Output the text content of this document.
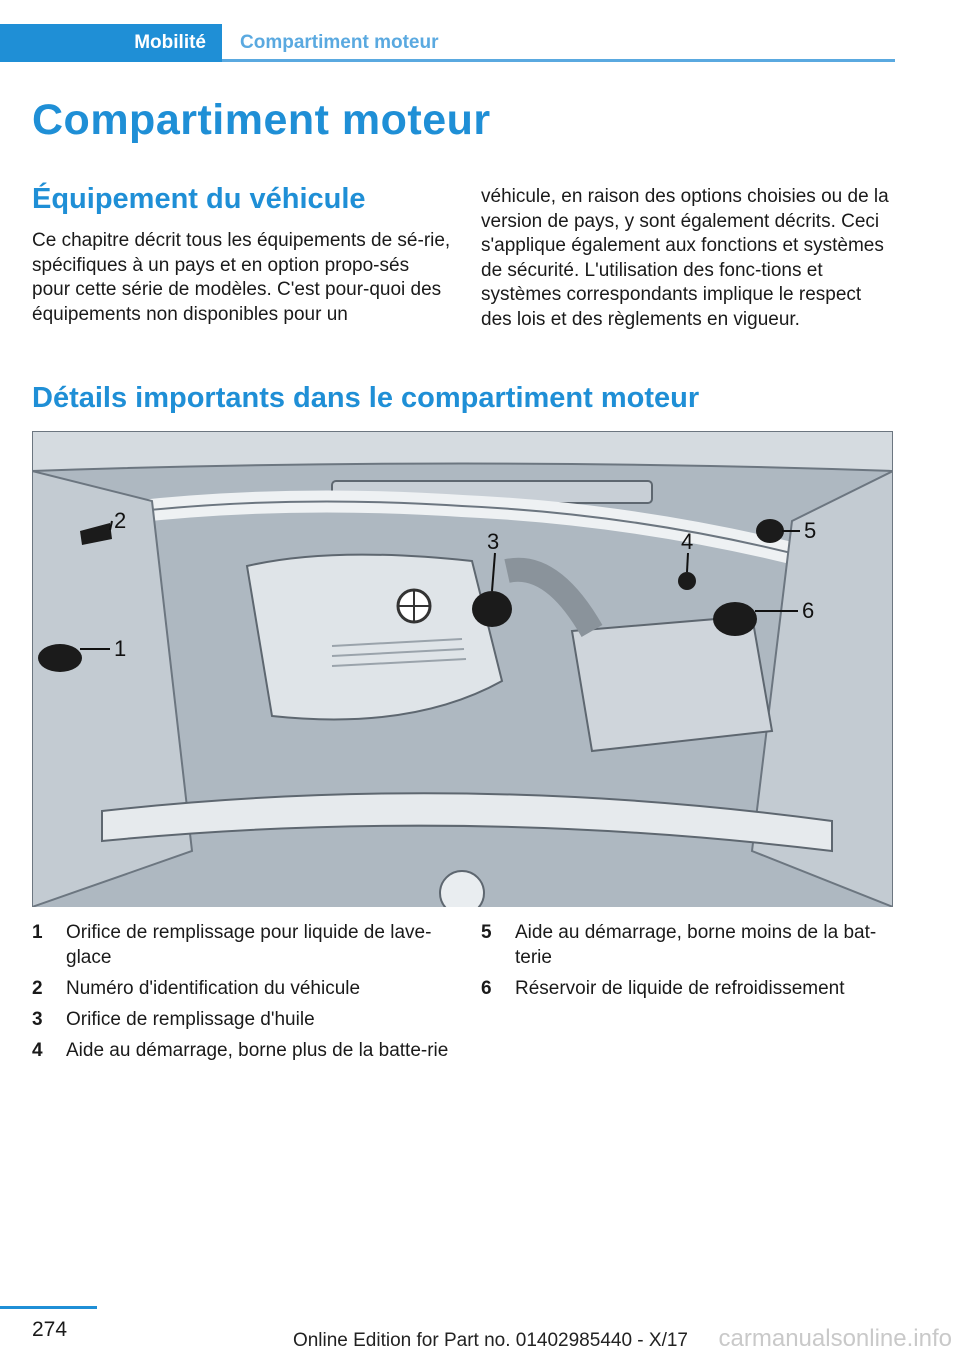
Mobilité	Compartiment moteur
Compartiment moteur
Équipement du véhicule

Ce chapitre décrit tous les équipements de sé-rie, spécifiques à un pays et en option propo-sés pour cette série de modèles. C'est pour-quoi des équipements non disponibles pour un

véhicule, en raison des options choisies ou de la version de pays, y sont également décrits. Ceci s'applique également aux fonctions et systèmes de sécurité. L'utilisation des fonc-tions et systèmes correspondants implique le respect des lois et des règlements en vigueur.

Détails importants dans le compartiment moteur
1
2
3	4	5
6
1	Orifice de remplissage pour liquide de lave-glace
2	Numéro d'identification du véhicule
3	Orifice de remplissage d'huile
4	Aide au démarrage, borne plus de la batte-rie
5	Aide au démarrage, borne moins de la bat-terie
6	Réservoir de liquide de refroidissement
274	Online Edition for Part no. 01402985440 - X/17 carmanualsonline.info
